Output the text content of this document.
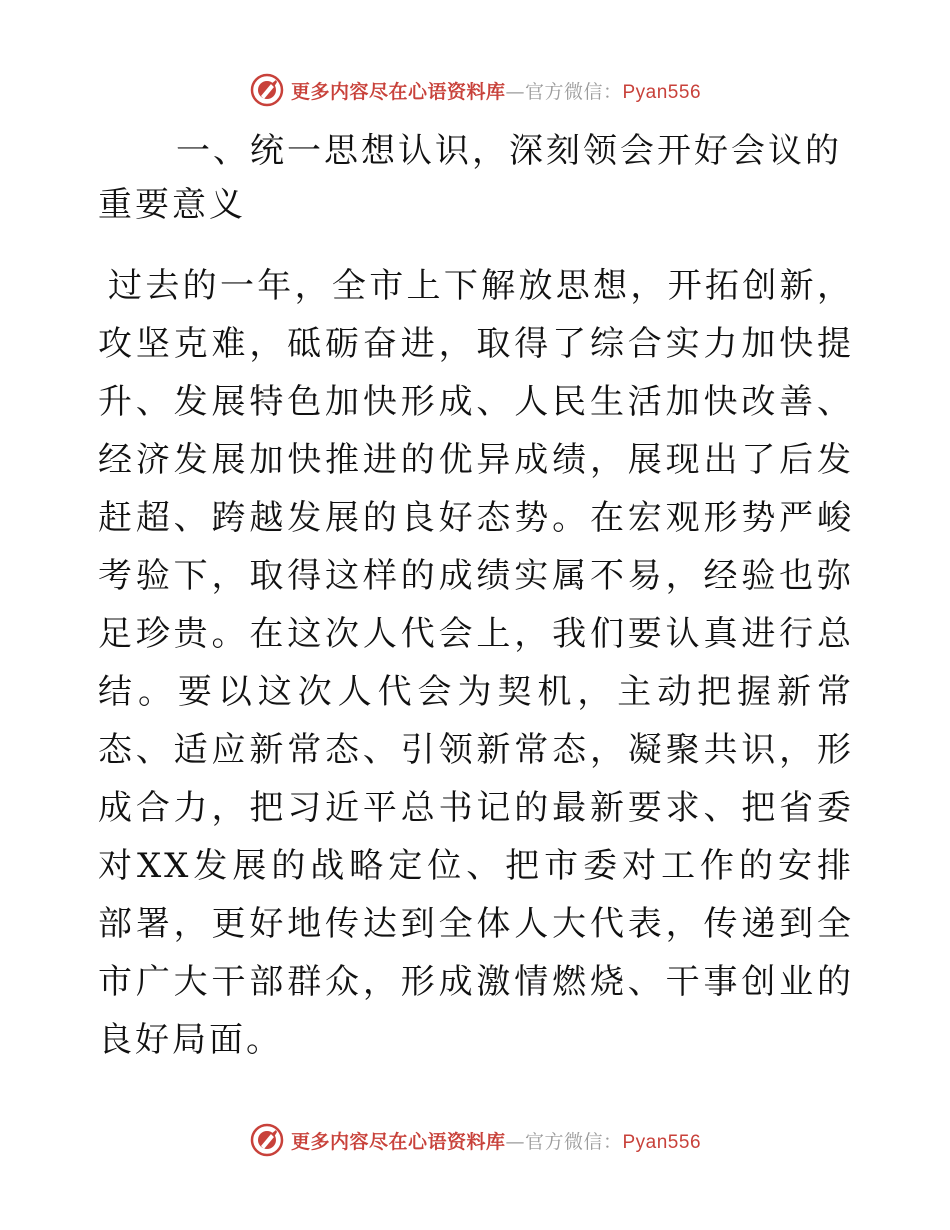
更多内容尽在心语资料库—官方微信：Pyan556
一、统一思想认识，深刻领会开好会议的重要意义

过去的一年，全市上下解放思想，开拓创新，攻坚克难，砥砺奋进，取得了综合实力加快提升、发展特色加快形成、人民生活加快改善、经济发展加快推进的优异成绩，展现出了后发赶超、跨越发展的良好态势。在宏观形势严峻考验下，取得这样的成绩实属不易，经验也弥足珍贵。在这次人代会上，我们要认真进行总结。要以这次人代会为契机，主动把握新常态、适应新常态、引领新常态，凝聚共识，形成合力，把习近平总书记的最新要求、把省委对XX发展的战略定位、把市委对工作的安排部署，更好地传达到全体人大代表，传递到全市广大干部群众，形成激情燃烧、干事创业的良好局面。

更多内容尽在心语资料库—官方微信：Pyan556
